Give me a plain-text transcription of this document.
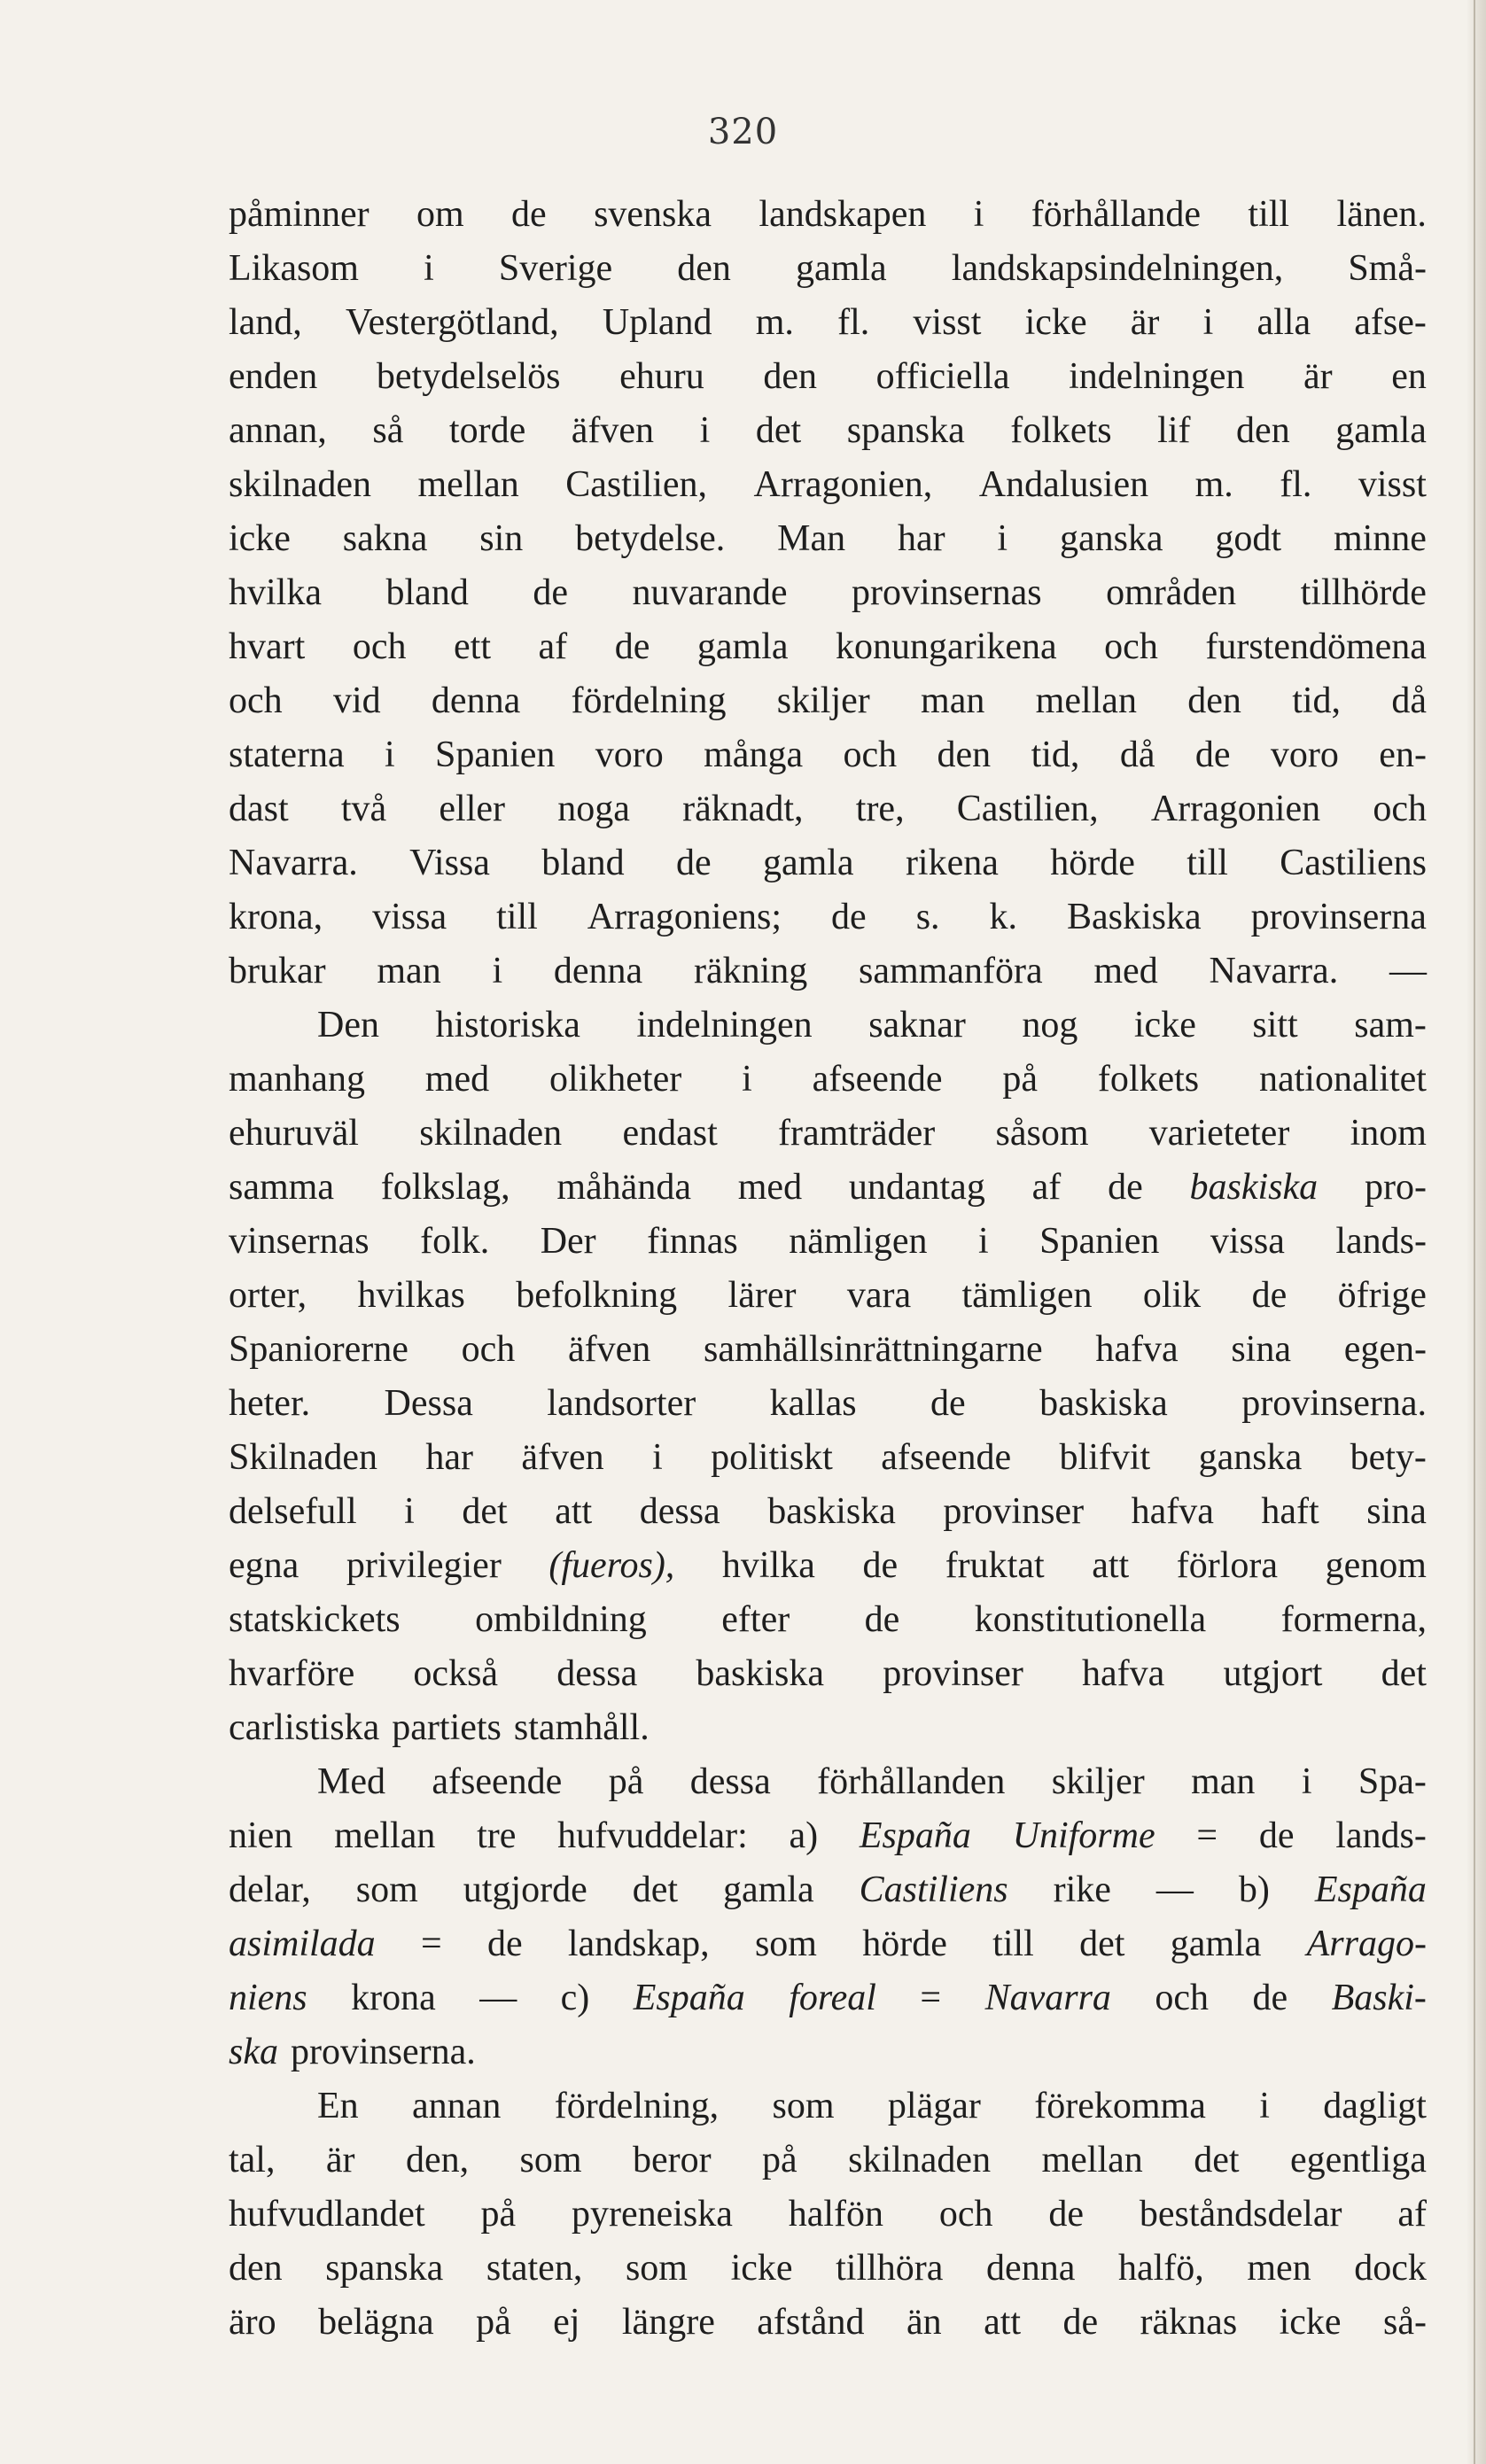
320
påminner om de svenska landskapen i förhållande till länen.
Likasom i Sverige den gamla landskapsindelningen, Små-
land, Vestergötland, Upland m. fl. visst icke är i alla afse-
enden betydelselös ehuru den officiella indelningen är en
annan, så torde äfven i det spanska folkets lif den gamla
skilnaden mellan Castilien, Arragonien, Andalusien m. fl. visst
icke sakna sin betydelse. Man har i ganska godt minne
hvilka bland de nuvarande provinsernas områden tillhörde
hvart och ett af de gamla konungarikena och furstendömena
och vid denna fördelning skiljer man mellan den tid, då
staterna i Spanien voro många och den tid, då de voro en-
dast två eller noga räknadt, tre, Castilien, Arragonien och
Navarra. Vissa bland de gamla rikena hörde till Castiliens
krona, vissa till Arragoniens; de s. k. Baskiska provinserna
brukar man i denna räkning sammanföra med Navarra. —
Den historiska indelningen saknar nog icke sitt sam-
manhang med olikheter i afseende på folkets nationalitet
ehuruväl skilnaden endast framträder såsom varieteter inom
samma folkslag, måhända med undantag af de baskiska pro-
vinsernas folk. Der finnas nämligen i Spanien vissa lands-
orter, hvilkas befolkning lärer vara tämligen olik de öfrige
Spaniorerne och äfven samhällsinrättningarne hafva sina egen-
heter. Dessa landsorter kallas de baskiska provinserna.
Skilnaden har äfven i politiskt afseende blifvit ganska bety-
delsefull i det att dessa baskiska provinser hafva haft sina
egna privilegier (fueros), hvilka de fruktat att förlora genom
statskickets ombildning efter de konstitutionella formerna,
hvarföre också dessa baskiska provinser hafva utgjort det
carlistiska partiets stamhåll.
Med afseende på dessa förhållanden skiljer man i Spa-
nien mellan tre hufvuddelar: a) España Uniforme = de lands-
delar, som utgjorde det gamla Castiliens rike — b) España
asimilada = de landskap, som hörde till det gamla Arrago-
niens krona — c) España foreal = Navarra och de Baski-
ska provinserna.
En annan fördelning, som plägar förekomma i dagligt
tal, är den, som beror på skilnaden mellan det egentliga
hufvudlandet på pyreneiska halfön och de beståndsdelar af
den spanska staten, som icke tillhöra denna halfö, men dock
äro belägna på ej längre afstånd än att de räknas icke så-
